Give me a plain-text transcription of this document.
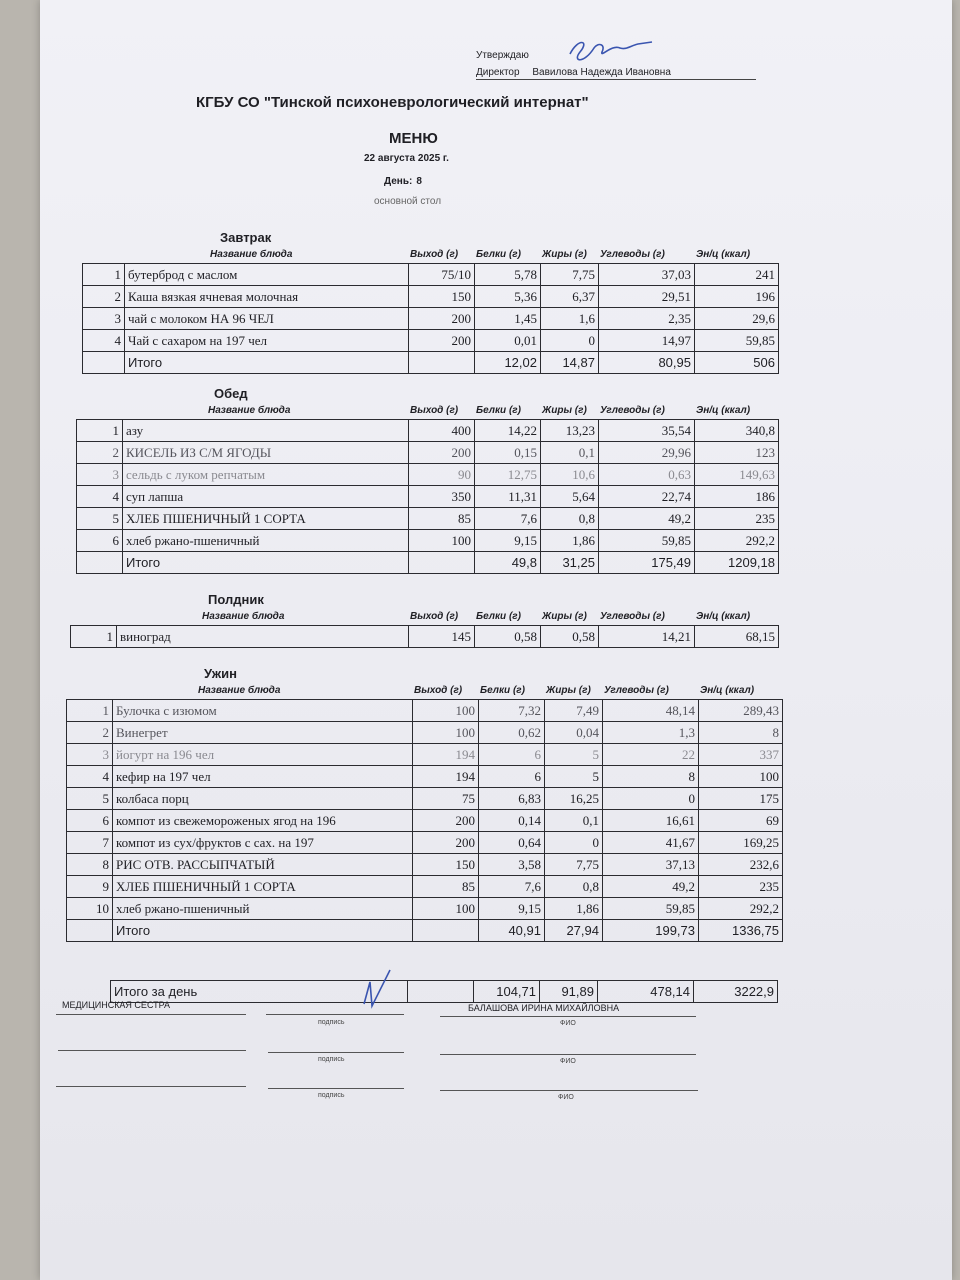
Утверждаю
Директор Вавилова Надежда Ивановна
КГБУ СО "Тинской психоневрологический интернат"
МЕНЮ
22 августа 2025 г.
День: 8
основной стол
Завтрак
Название блюда	Выход (г) Белки (г) Жиры (г) Углеводы (г)	Эн/ц (ккал)
1	бутерброд с маслом	75/10	5,78	7,75	37,03	241
2	Каша вязкая ячневая молочная	150	5,36	6,37	29,51	196
3	чай с молоком НА 96 ЧЕЛ	200	1,45	1,6	2,35	29,6
4	Чай с сахаром на 197 чел	200	0,01	0	14,97	59,85
	Итого		12,02	14,87	80,95	506
Обед
Название блюда	Выход (г) Белки (г) Жиры (г) Углеводы (г)	Эн/ц (ккал)
1	азу	400	14,22	13,23	35,54	340,8
2	КИСЕЛЬ ИЗ С/М ЯГОДЫ	200	0,15	0,1	29,96	123
3	сельдь с луком репчатым	90	12,75	10,6	0,63	149,63
4	суп лапша	350	11,31	5,64	22,74	186
5	ХЛЕБ ПШЕНИЧНЫЙ 1 СОРТА	85	7,6	0,8	49,2	235
6	хлеб ржано-пшеничный	100	9,15	1,86	59,85	292,2
	Итого		49,8	31,25	175,49	1209,18
Полдник
Название блюда	Выход (г) Белки (г) Жиры (г) Углеводы (г)	Эн/ц (ккал)
1	виноград	145	0,58	0,58	14,21	68,15
Ужин
Название блюда	Выход (г) Белки (г) Жиры (г) Углеводы (г)	Эн/ц (ккал)
1	Булочка с изюмом	100	7,32	7,49	48,14	289,43
2	Винегрет	100	0,62	0,04	1,3	8
3	йогурт на 196 чел	194	6	5	22	337
4	кефир на 197 чел	194	6	5	8	100
5	колбаса порц	75	6,83	16,25	0	175
6	компот из свежемороженых ягод на 196	200	0,14	0,1	16,61	69
7	компот из сух/фруктов с сах. на 197	200	0,64	0	41,67	169,25
8	РИС ОТВ. РАССЫПЧАТЫЙ	150	3,58	7,75	37,13	232,6
9	ХЛЕБ ПШЕНИЧНЫЙ 1 СОРТА	85	7,6	0,8	49,2	235
10	хлеб ржано-пшеничный	100	9,15	1,86	59,85	292,2
	Итого		40,91	27,94	199,73	1336,75
Итого за день		104,71	91,89	478,14	3222,9
МЕДИЦИНСКАЯ СЕСТРА	БАЛАШОВА ИРИНА МИХАЙЛОВНА
подпись	ФИО
подпись	ФИО
подпись	ФИО
